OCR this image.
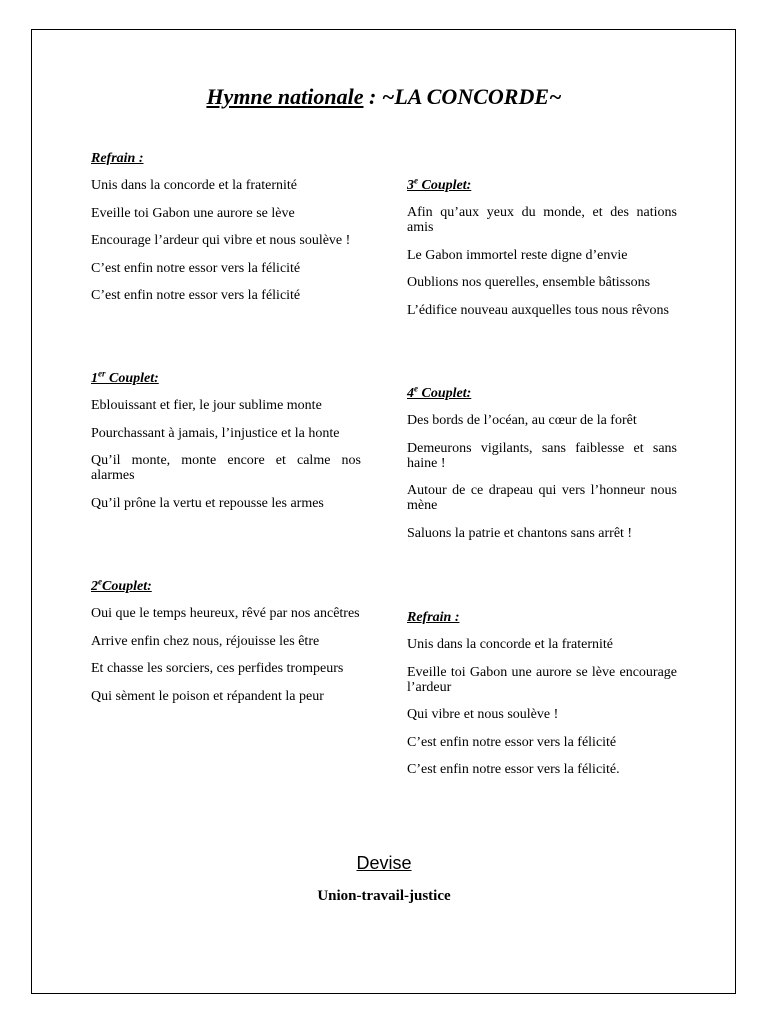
Hymne nationale : ~LA CONCORDE~

Refrain :

Unis dans la concorde et la fraternité

Eveille toi Gabon une aurore se lève

Encourage l’ardeur qui vibre et nous soulève !

C’est enfin notre essor vers la félicité

C’est enfin notre essor vers la félicité

1er Couplet:

Eblouissant et fier, le jour sublime monte

Pourchassant à jamais, l’injustice et la honte

Qu’il monte, monte encore et calme nos alarmes

Qu’il prône la vertu et repousse les armes

2eCouplet:

Oui que le temps heureux, rêvé par nos ancêtres

Arrive enfin chez nous, réjouisse les être

Et chasse les sorciers, ces perfides trompeurs

Qui sèment le poison et répandent la peur

3e Couplet:

Afin qu’aux yeux du monde, et des nations amis

Le Gabon immortel reste digne d’envie

Oublions nos querelles, ensemble bâtissons

L’édifice nouveau auxquelles tous nous rêvons

4e Couplet:

Des bords de l’océan, au cœur de la forêt

Demeurons vigilants, sans faiblesse et sans haine !

Autour de ce drapeau qui vers l’honneur nous mène

Saluons la patrie et chantons sans arrêt !

Refrain :

Unis dans la concorde et la fraternité

Eveille toi Gabon une aurore se lève encourage l’ardeur

Qui vibre et nous soulève !

C’est enfin notre essor vers la félicité

C’est enfin notre essor vers la félicité.

Devise
Union-travail-justice
